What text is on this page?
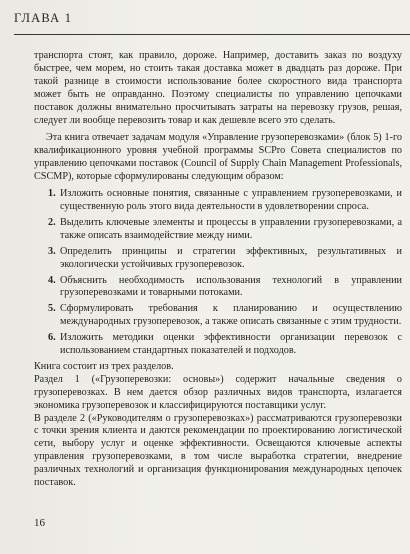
ГЛАВА 1
транспорта стоят, как правило, дороже. Например, доставить заказ по воздуху быстрее, чем морем, но стоить такая доставка может в двадцать раз дороже. При такой разнице в стоимости использование более скоростного вида транспорта может быть не оправданно. Поэтому специалисты по управлению цепочками поставок должны внимательно просчитывать затраты на перевозку грузов, решая, следует ли вообще перевозить товар и как дешевле всего это сделать.
Эта книга отвечает задачам модуля «Управление грузоперевозками» (блок 5) 1-го квалификационного уровня учебной программы SCPro Совета специалистов по управлению цепочками поставок (Council of Supply Chain Management Professionals, CSCMP), которые сформулированы следующим образом:
1. Изложить основные понятия, связанные с управлением грузоперевозками, и существенную роль этого вида деятельности в удовлетворении спроса.
2. Выделить ключевые элементы и процессы в управлении грузоперевозками, а также описать взаимодействие между ними.
3. Определить принципы и стратегии эффективных, результативных и экологически устойчивых грузоперевозок.
4. Объяснить необходимость использования технологий в управлении грузоперевозками и товарными потоками.
5. Сформулировать требования к планированию и осуществлению международных грузоперевозок, а также описать связанные с этим трудности.
6. Изложить методики оценки эффективности организации перевозок с использованием стандартных показателей и подходов.
Книга состоит из трех разделов.
Раздел 1 («Грузоперевозки: основы») содержит начальные сведения о грузоперевозках. В нем дается обзор различных видов транспорта, излагается экономика грузоперевозок и классифицируются поставщики услуг.
В разделе 2 («Руководителям о грузоперевозках») рассматриваются грузоперевозки с точки зрения клиента и даются рекомендации по проектированию логистической сети, выбору услуг и оценке эффективности. Освещаются ключевые аспекты управления грузоперевозками, в том числе выработка стратегии, внедрение различных технологий и организация функционирования международных цепочек поставок.
16
